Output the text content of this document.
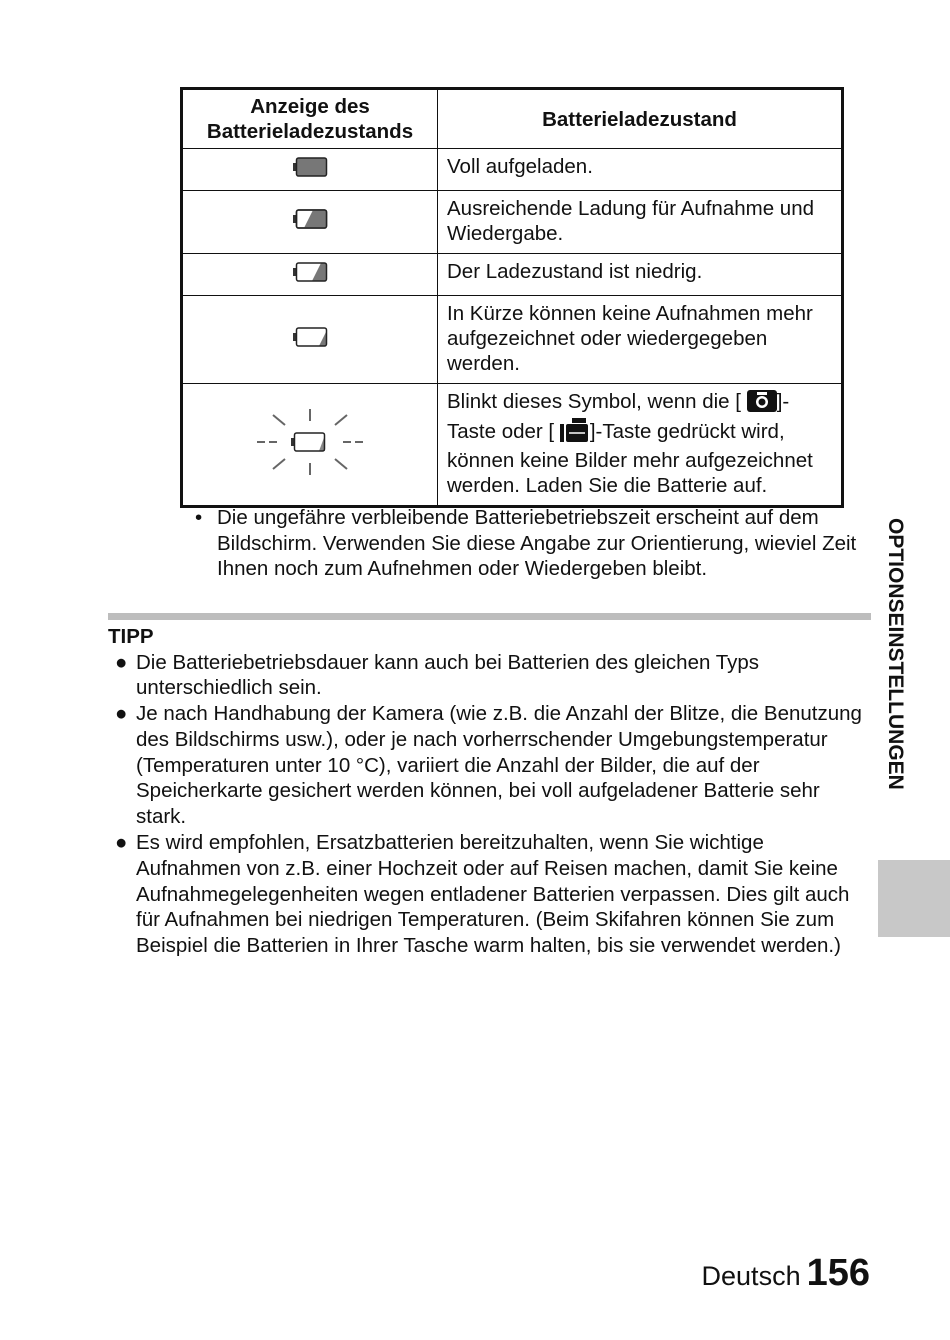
Anzeige des Batterieladezustands	Batterieladezustand
	Voll aufgeladen.
	Ausreichende Ladung für Aufnahme und Wiedergabe.
	Der Ladezustand ist niedrig.
	In Kürze können keine Aufnahmen mehr aufgezeichnet oder wiedergegeben werden.
	Blinkt dieses Symbol, wenn die [ ]-Taste oder [ ]-Taste gedrückt wird, können keine Bilder mehr aufgezeichnet werden. Laden Sie die Batterie auf.
• Die ungefähre verbleibende Batteriebetriebszeit erscheint auf dem Bildschirm. Verwenden Sie diese Angabe zur Orientierung, wieviel Zeit Ihnen noch zum Aufnehmen oder Wiedergeben bleibt.
TIPP
● Die Batteriebetriebsdauer kann auch bei Batterien des gleichen Typs unterschiedlich sein.
● Je nach Handhabung der Kamera (wie z.B. die Anzahl der Blitze, die Benutzung des Bildschirms usw.), oder je nach vorherrschender Umgebungstemperatur (Temperaturen unter 10 °C), variiert die Anzahl der Bilder, die auf der Speicherkarte gesichert werden können, bei voll aufgeladener Batterie sehr stark.
● Es wird empfohlen, Ersatzbatterien bereitzuhalten, wenn Sie wichtige Aufnahmen von z.B. einer Hochzeit oder auf Reisen machen, damit Sie keine Aufnahmegelegenheiten wegen entladener Batterien verpassen. Dies gilt auch für Aufnahmen bei niedrigen Temperaturen. (Beim Skifahren können Sie zum Beispiel die Batterien in Ihrer Tasche warm halten, bis sie verwendet werden.)
OPTIONSEINSTELLUNGEN
Deutsch 156
